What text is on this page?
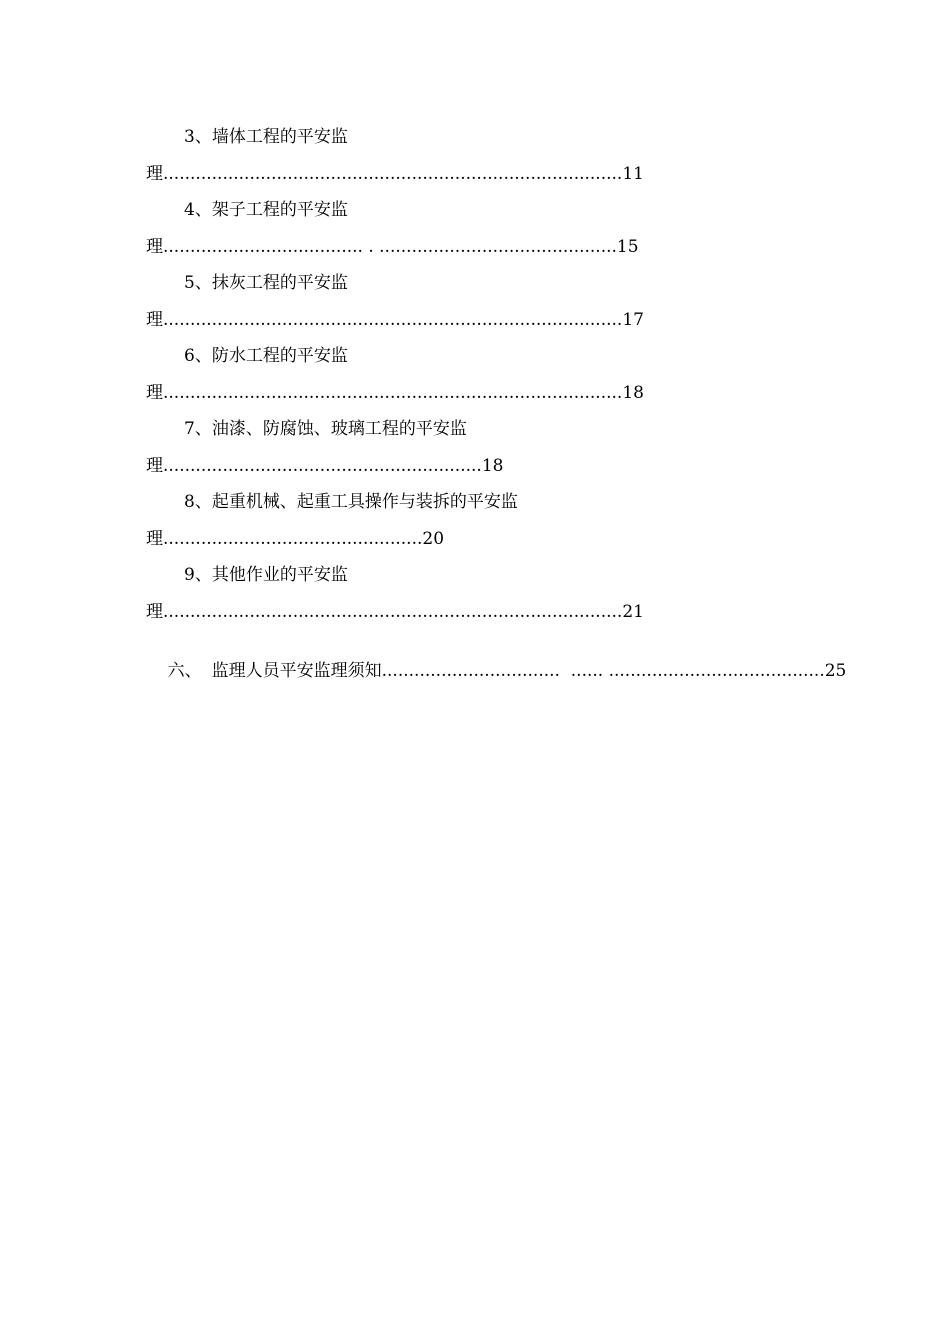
3、墙体工程的平安监
理.....................................................................................11
4、架子工程的平安监
理..................................... . ............................................15
5、抹灰工程的平安监
理.....................................................................................17
6、防水工程的平安监
理.....................................................................................18
7、油漆、防腐蚀、玻璃工程的平安监
理...........................................................18
8、起重机械、起重工具操作与装拆的平安监
理................................................20
9、其他作业的平安监
理.....................................................................................21

六、 监理人员平安监理须知.................................  ...... ........................................25
